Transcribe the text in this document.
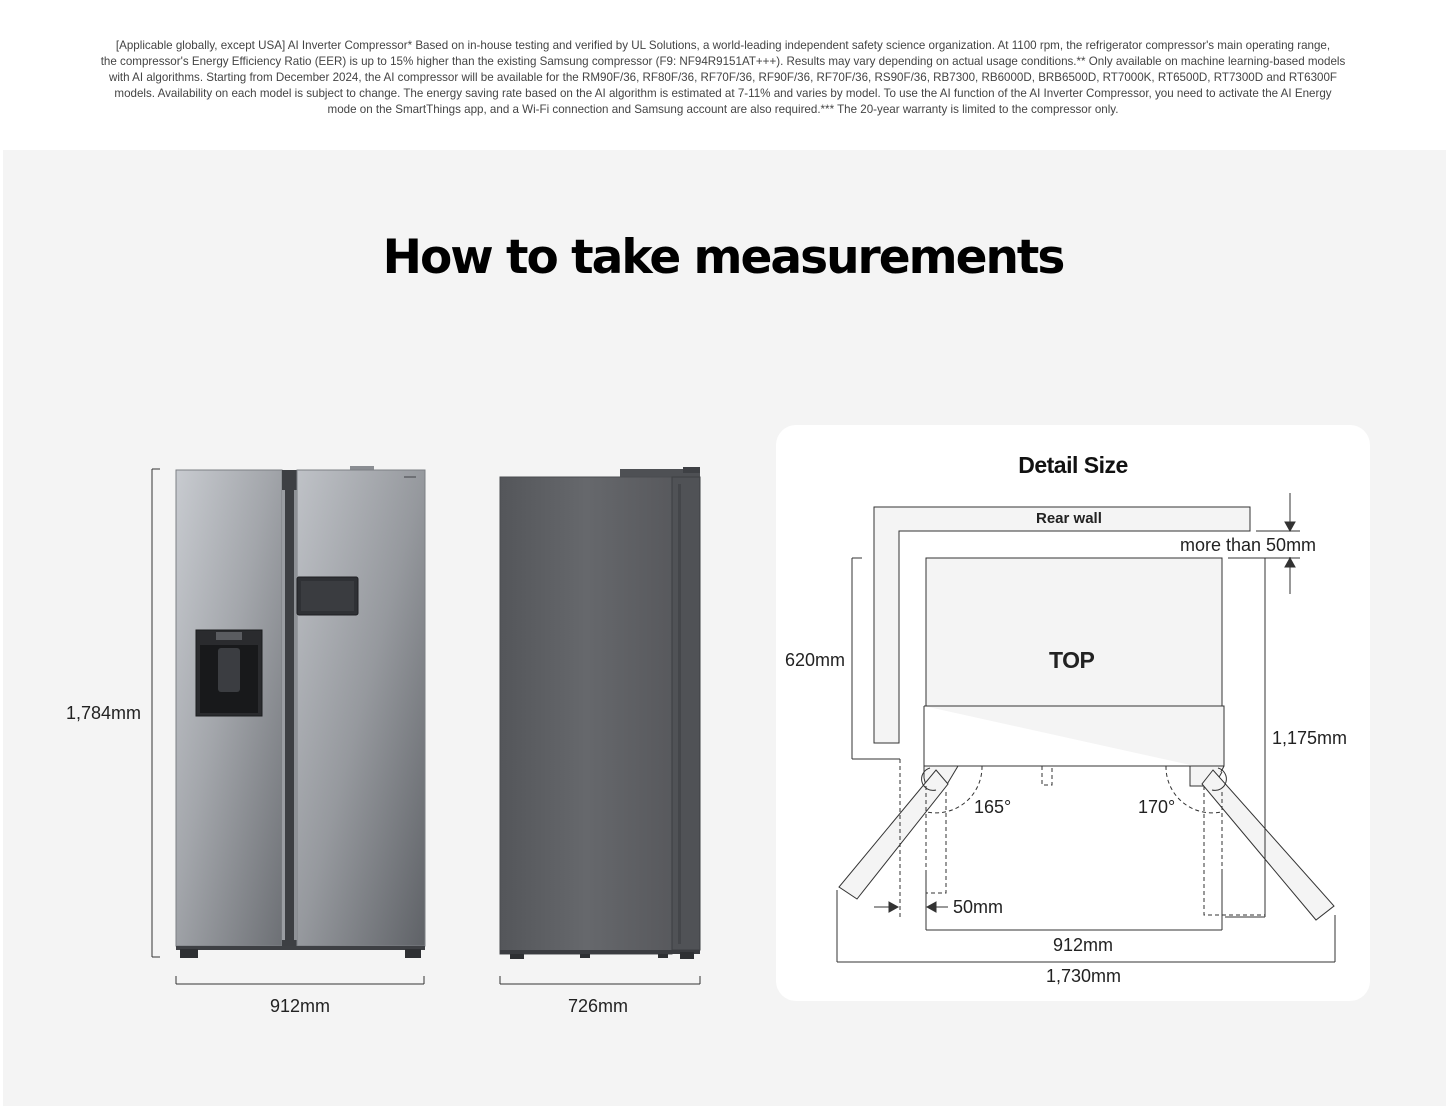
[Applicable globally, except USA] AI Inverter Compressor* Based on in-house testing and verified by UL Solutions, a world-leading independent safety science organization. At 1100 rpm, the refrigerator compressor's main operating range,
the compressor's Energy Efficiency Ratio (EER) is up to 15% higher than the existing Samsung compressor (F9: NF94R9151AT+++). Results may vary depending on actual usage conditions.** Only available on machine learning-based models
with AI algorithms. Starting from December 2024, the AI compressor will be available for the RM90F/36, RF80F/36, RF70F/36, RF90F/36, RF70F/36, RS90F/36, RB7300, RB6000D, BRB6500D, RT7000K, RT6500D, RT7300D and RT6300F
models. Availability on each model is subject to change. The energy saving rate based on the AI algorithm is estimated at 7-11% and varies by model. To use the AI function of the AI Inverter Compressor, you need to activate the AI Energy
mode on the SmartThings app, and a Wi-Fi connection and Samsung account are also required.*** The 20-year warranty is limited to the compressor only.
How to take measurements
1,784mm
912mm	726mm
Detail Size
Rear wall
more than 50mm
620mm	TOP
1,175mm
165°	170°
50mm
912mm
1,730mm
